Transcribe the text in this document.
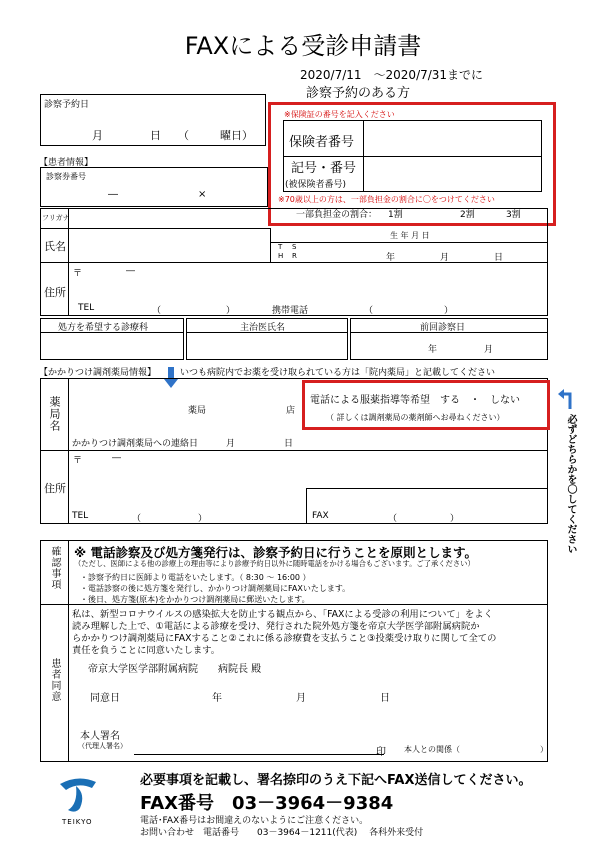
FAXによる受診申請書
2020/7/11　～2020/7/31までに
診察予約のある方
診察予約日
月	日 （	曜日）
※保険証の番号を記入ください
保険者番号
記号・番号
(被保険者番号)
※70歳以上の方は、一部負担金の割合に〇をつけてください
一部負担金の割合： 1割	2割	3割
【患者情報】
診察券番号
―	×
フリガナ
氏名
生 年 月 日
T S
H R	年	月	日
住所
〒	―
TEL	（	）	携帯電話	（	）
処方を希望する診療科	主治医氏名	前回診察日
年	月
【かかりつけ調剤薬局情報】	いつも病院内でお薬を受け取られている方は「院内薬局」と記載してください
薬局名	薬局	店
かかりつけ調剤薬局への連絡日	月	日
電話による服薬指導等希望　する　・　しない
（ 詳しくは調剤薬局の薬剤師へお尋ねください）	必ずどちらかを〇してください
住所
〒	―
TEL	（	）	FAX	（	）
確認事項 ※ 電話診察及び処方箋発行は、診察予約日に行うことを原則とします。
（ただし、医師による他の診療上の理由等により診療予約日以外に随時電話をかける場合もございます。ご了承ください）
・診察予約日に医師より電話をいたします。（ 8:30 ～ 16:00 ）
・電話診察の後に処方箋を発行し、かかりつけ調剤薬局にFAXいたします。
・後日、処方箋(原本)をかかりつけ調剤薬局に郵送いたします。
患者同意
私は、新型コロナウイルスの感染拡大を防止する観点から、「FAXによる受診の利用について」をよく
読み理解した上で、①電話による診療を受け、発行された院外処方箋を帝京大学医学部附属病院か
らかかりつけ調剤薬局にFAXすること②これに係る診療費を支払うこと③投薬受け取りに関して全ての
責任を負うことに同意いたします。
帝京大学医学部附属病院　　病院長 殿
同意日	年	月	日
本人署名
（代理人署名）
印 本人との関係（	）
TEIKYO
必要事項を記載し、署名捺印のうえ下記へFAX送信してください。
FAX番号　03－3964－9384
電話･FAX番号はお間違えのないようにご注意ください。
お問い合わせ　電話番号　　03－3964－1211(代表)　 各科外来受付
